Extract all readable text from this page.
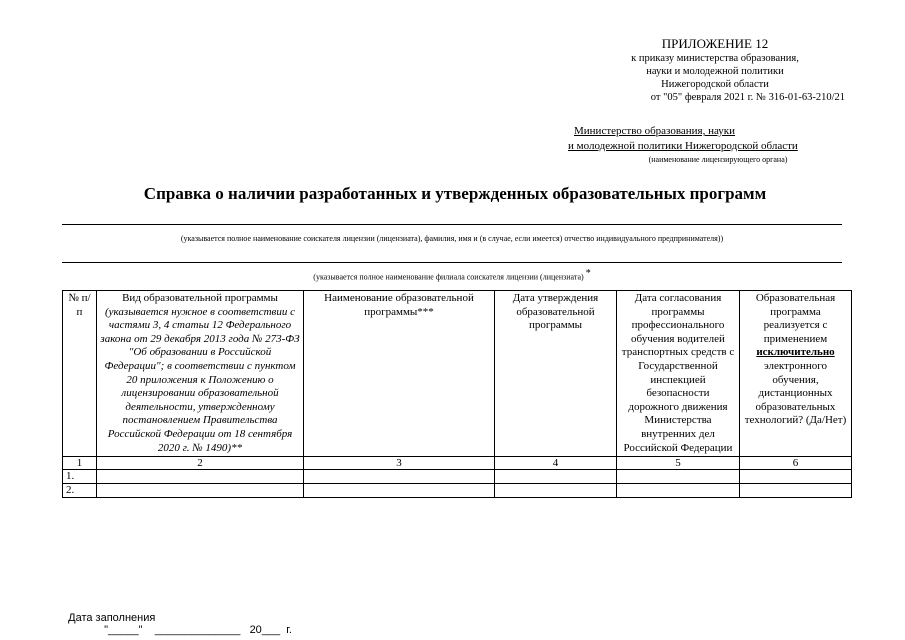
ПРИЛОЖЕНИЕ 12
к приказу министерства образования,
науки и молодежной политики
Нижегородской области
от "05" февраля 2021 г. № 316-01-63-210/21
Министерство образования, науки
и молодежной политики Нижегородской области
(наименование лицензирующего органа)
Справка о наличии разработанных и утвержденных образовательных программ
(указывается полное наименование соискателя лицензии (лицензиата), фамилия, имя и (в случае, если имеется) отчество индивидуального предпринимателя))
(указывается полное наименование филиала соискателя лицензии (лицензиата) *
№ п/п	Вид образовательной программы
(указывается нужное в соответствии с частями 3, 4 статьи 12 Федерального закона от 29 декабря 2013 года № 273-ФЗ "Об образовании в Российской Федерации"; в соответствии с пунктом 20 приложения к Положению о лицензировании образовательной деятельности, утвержденному постановлением Правительства Российской Федерации от 18 сентября 2020 г. № 1490)**	Наименование образовательной программы***	Дата утверждения образовательной программы	Дата согласования программы профессионального обучения водителей транспортных средств с Государственной инспекцией безопасности дорожного движения Министерства внутренних дел Российской Федерации	Образовательная программа реализуется с применением исключительно электронного обучения, дистанционных образовательных технологий? (Да/Нет)
1	2	3	4	5	6
1.					
2.					

Дата заполнения
"_____"    ______________   20___  г.
